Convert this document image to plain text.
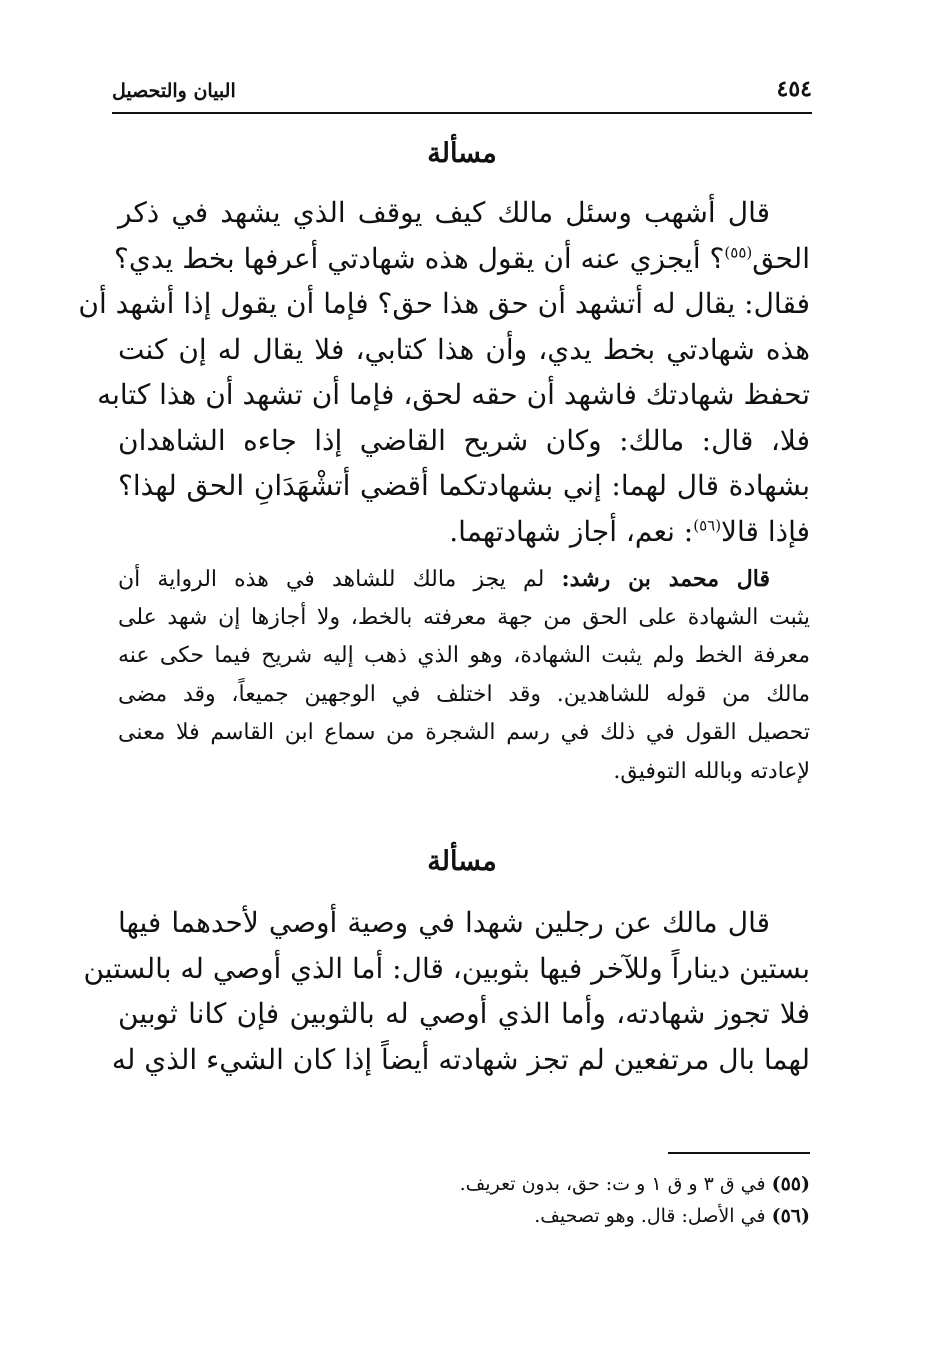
٤٥٤
البيان والتحصيل
مسألة
قال أشهب وسئل مالك كيف يوقف الذي يشهد في ذكر
الحق$^{(٥٥)}$؟ أيجزي عنه أن يقول هذه شهادتي أعرفها بخط يدي؟
فقال: يقال له أتشهد أن حق هذا حق؟ فإما أن يقول إذا أشهد أن
هذه شهادتي بخط يدي، وأن هذا كتابي، فلا يقال له إن كنت
تحفظ شهادتك فاشهد أن حقه لحق، فإما أن تشهد أن هذا كتابه
فلا، قال: مالك: وكان شريح القاضي إذا جاءه الشاهدان
بشهادة قال لهما: إني بشهادتكما أقضي أتشْهَدَانِ الحق لهذا؟
فإذا قالا$^{(٥٦)}$: نعم، أجاز شهادتهما.
قال محمد بن رشد: لم يجز مالك للشاهد في هذه الرواية أن
يثبت الشهادة على الحق من جهة معرفته بالخط، ولا أجازها إن شهد على
معرفة الخط ولم يثبت الشهادة، وهو الذي ذهب إليه شريح فيما حكى عنه
مالك من قوله للشاهدين. وقد اختلف في الوجهين جميعاً، وقد مضى
تحصيل القول في ذلك في رسم الشجرة من سماع ابن القاسم فلا معنى
لإعادته وبالله التوفيق.
مسألة
قال مالك عن رجلين شهدا في وصية أوصي لأحدهما فيها
بستين ديناراً وللآخر فيها بثوبين، قال: أما الذي أوصي له بالستين
فلا تجوز شهادته، وأما الذي أوصي له بالثوبين فإن كانا ثوبين
لهما بال مرتفعين لم تجز شهادته أيضاً إذا كان الشيء الذي له
(٥٥) في ق ٣ و ق ١ و ت: حق، بدون تعريف.
(٥٦) في الأصل: قال. وهو تصحيف.
